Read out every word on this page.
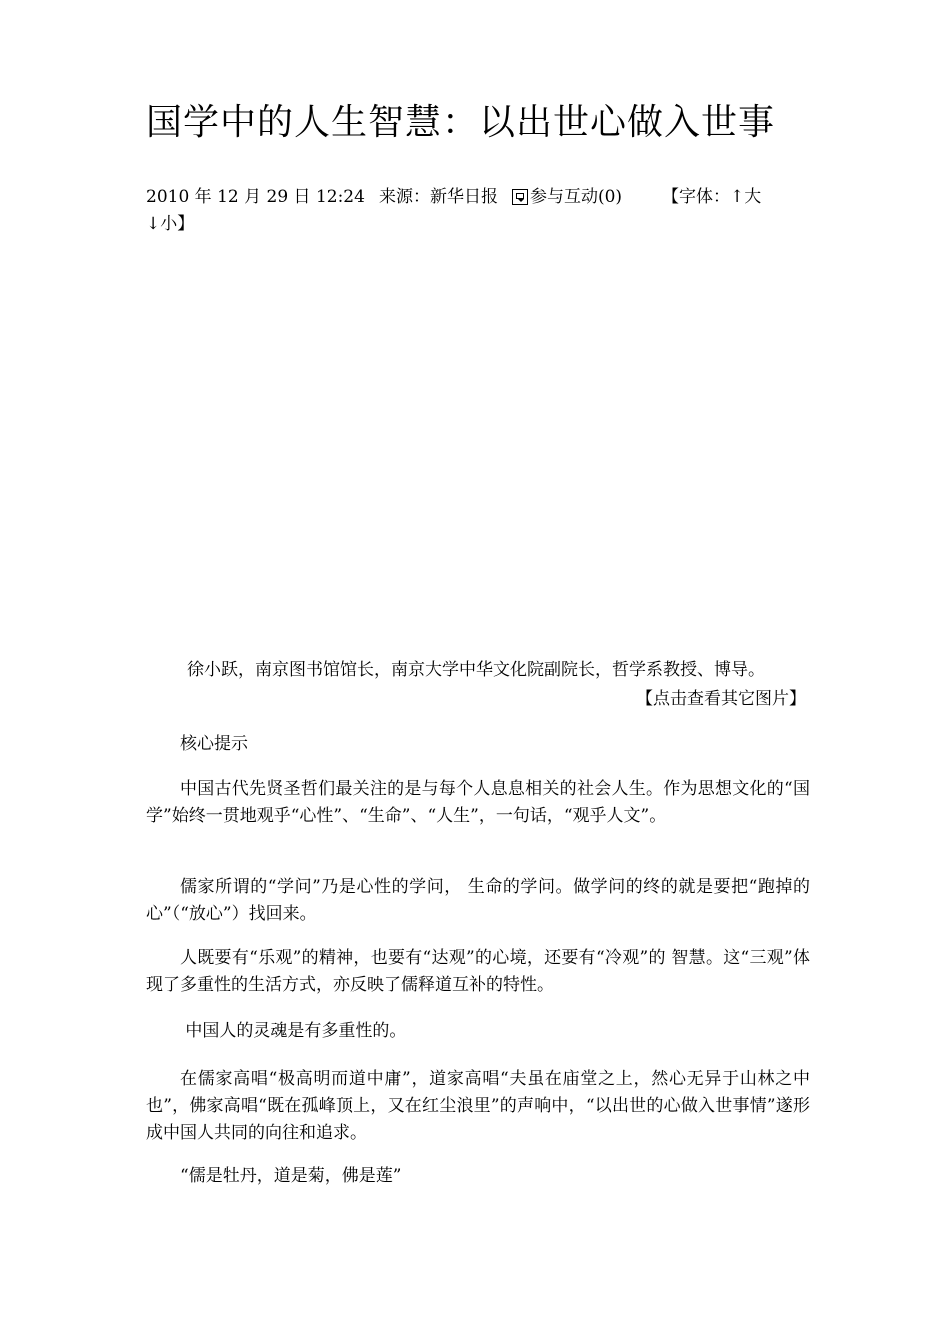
国学中的人生智慧：以出世心做入世事
2010 年 12 月 29 日 12:24 来源：新华日报 参与互动(0) 【字体：↑大
↓小】
徐小跃，南京图书馆馆长，南京大学中华文化院副院长，哲学系教授、博导。
【点击查看其它图片】

核心提示

中国古代先贤圣哲们最关注的是与每个人息息相关的社会人生。作为思想文化的“国学”始终一贯地观乎“心性”、“生命”、“人生”，一句话，“观乎人文”。

儒家所谓的“学问”乃是心性的学问， 生命的学问。做学问的终的就是要把“跑掉的心”（“放心”）找回来。

人既要有“乐观”的精神，也要有“达观”的心境，还要有“冷观”的 智慧。这“三观”体现了多重性的生活方式，亦反映了儒释道互补的特性。

中国人的灵魂是有多重性的。

在儒家高唱“极高明而道中庸”，道家高唱“夫虽在庙堂之上，然心无异于山林之中也”，佛家高唱“既在孤峰顶上，又在红尘浪里”的声响中，“以出世的心做入世事情”遂形成中国人共同的向往和追求。

“儒是牡丹，道是菊，佛是莲”
